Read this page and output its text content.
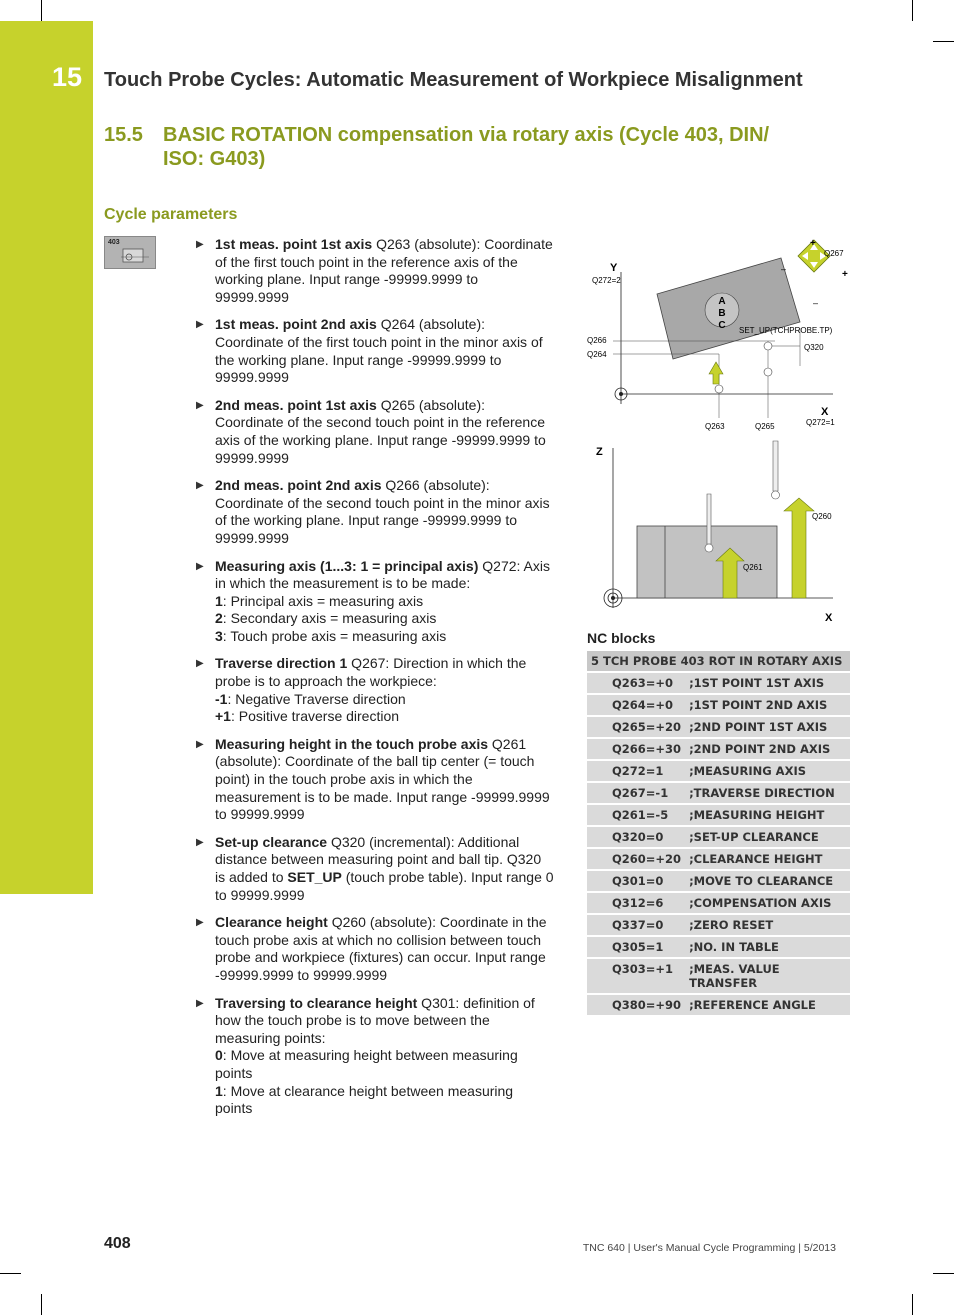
15 Touch Probe Cycles: Automatic Measurement of Workpiece Misalignment
15.5 BASIC ROTATION compensation via rotary axis (Cycle 403, DIN/
ISO: G403)
Cycle parameters
403	▶ 1st meas. point 1st axis Q263 (absolute): Coordinate of the first touch point in the reference axis of the working plane. Input range -99999.9999 to 99999.9999
▶ 1st meas. point 2nd axis Q264 (absolute): Coordinate of the first touch point in the minor axis of the working plane. Input range -99999.9999 to 99999.9999
▶ 2nd meas. point 1st axis Q265 (absolute): Coordinate of the second touch point in the reference axis of the working plane. Input range -99999.9999 to 99999.9999
▶ 2nd meas. point 2nd axis Q266 (absolute): Coordinate of the second touch point in the minor axis of the working plane. Input range -99999.9999 to 99999.9999
▶ Measuring axis (1...3: 1 = principal axis) Q272: Axis in which the measurement is to be made:
1: Principal axis = measuring axis
2: Secondary axis = measuring axis
3: Touch probe axis = measuring axis
▶ Traverse direction 1 Q267: Direction in which the probe is to approach the workpiece:
-1: Negative Traverse direction
+1: Positive traverse direction
▶ Measuring height in the touch probe axis Q261 (absolute): Coordinate of the ball tip center (= touch point) in the touch probe axis in which the measurement is to be made. Input range -99999.9999 to 99999.9999
▶ Set-up clearance Q320 (incremental): Additional distance between measuring point and ball tip. Q320 is added to SET_UP (touch probe table). Input range 0 to 99999.9999
▶ Clearance height Q260 (absolute): Coordinate in the touch probe axis at which no collision between touch probe and workpiece (fixtures) can occur. Input range -99999.9999 to 99999.9999
▶ Traversing to clearance height Q301: definition of how the touch probe is to move between the measuring points:
0: Move at measuring height between measuring points
1: Move at clearance height between measuring points
A
B
C
Y
Q272=2
X
Q272=1
Q266
Q264
Q263	Q265
Q320
SET_UP(TCHPROBE.TP)
+
+
–
–
Q267
Z
X
Q261
Q260
NC blocks
5 TCH PROBE 403 ROT IN ROTARY AXIS	
Q263=+0	;1ST POINT 1ST AXIS
Q264=+0	;1ST POINT 2ND AXIS
Q265=+20	;2ND POINT 1ST AXIS
Q266=+30	;2ND POINT 2ND AXIS
Q272=1	;MEASURING AXIS
Q267=-1	;TRAVERSE DIRECTION
Q261=-5	;MEASURING HEIGHT
Q320=0	;SET-UP CLEARANCE
Q260=+20	;CLEARANCE HEIGHT
Q301=0	;MOVE TO CLEARANCE
Q312=6	;COMPENSATION AXIS
Q337=0	;ZERO RESET
Q305=1	;NO. IN TABLE
Q303=+1	;MEAS. VALUE TRANSFER
Q380=+90	;REFERENCE ANGLE
408	TNC 640 | User's Manual Cycle Programming | 5/2013
